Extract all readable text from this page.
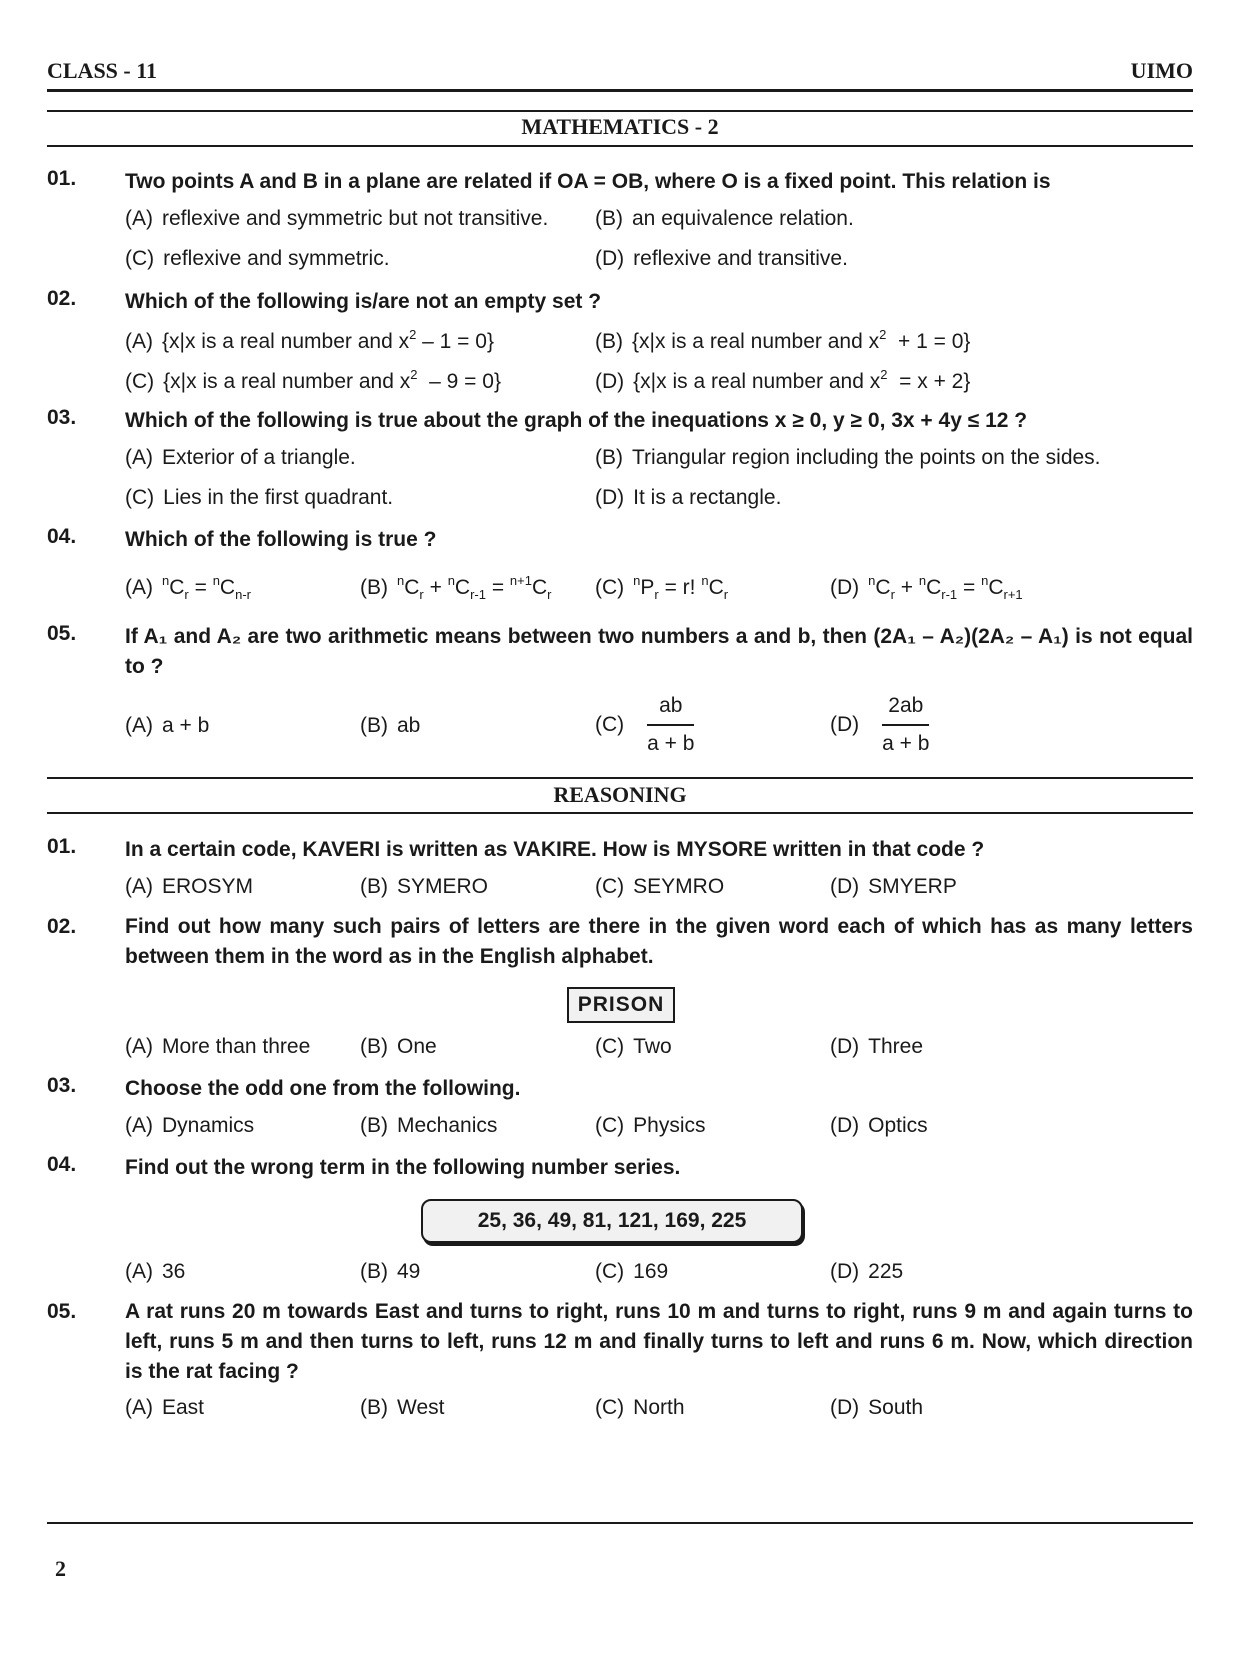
CLASS - 11	UIMO
MATHEMATICS - 2
01. Two points A and B in a plane are related if OA = OB, where O is a fixed point. This relation is
(A) reflexive and symmetric but not transitive. (B) an equivalence relation.
(C) reflexive and symmetric.	(D) reflexive and transitive.
02. Which of the following is/are not an empty set ?
(A) {x|x is a real number and $x^2 - 1 = 0$}	(B) {x|x is a real number and $x^2 + 1 = 0$}
(C) {x|x is a real number and $x^2 - 9 = 0$}	(D) {x|x is a real number and $x^2 = x + 2$}
03. Which of the following is true about the graph of the inequations x ≥ 0, y ≥ 0, 3x + 4y ≤ 12 ?
(A) Exterior of a triangle.	(B) Triangular region including the points on the sides.
(C) Lies in the first quadrant.	(D) It is a rectangle.
04. Which of the following is true ?
(A) $^nC_r = ^nC_{n-r}$	(B) $^nC_r + ^nC_{r-1} = ^{n+1}C_r$ (C) $^nP_r = r$! $^nC_r$	(D) $^nC_r + ^nC_{r-1} = ^nC_{r+1}$
05. If A₁ and A₂ are two arithmetic means between two numbers a and b, then (2A₁ – A₂)(2A₂ – A₁) is not equal to ?
(A) a + b	(B) ab	$(C) \frac{ab}{a + b}$	$(D) \frac{2ab}{a + b}$
REASONING
01. In a certain code, KAVERI is written as VAKIRE. How is MYSORE written in that code ?
(A) EROSYM	(B) SYMERO	(C) SEYMRO	(D) SMYERP
02. Find out how many such pairs of letters are there in the given word each of which has as many letters between them in the word as in the English alphabet.
PRISON
(A) More than three (B) One	(C) Two	(D) Three
03. Choose the odd one from the following.
(A) Dynamics	(B) Mechanics	(C) Physics	(D) Optics
04. Find out the wrong term in the following number series.
25, 36, 49, 81, 121, 169, 225
(A) 36	(B) 49	(C) 169	(D) 225
05. A rat runs 20 m towards East and turns to right, runs 10 m and turns to right, runs 9 m and again turns to left, runs 5 m and then turns to left, runs 12 m and finally turns to left and runs 6 m. Now, which direction is the rat facing ?
(A) East	(B) West	(C) North	(D) South
2
